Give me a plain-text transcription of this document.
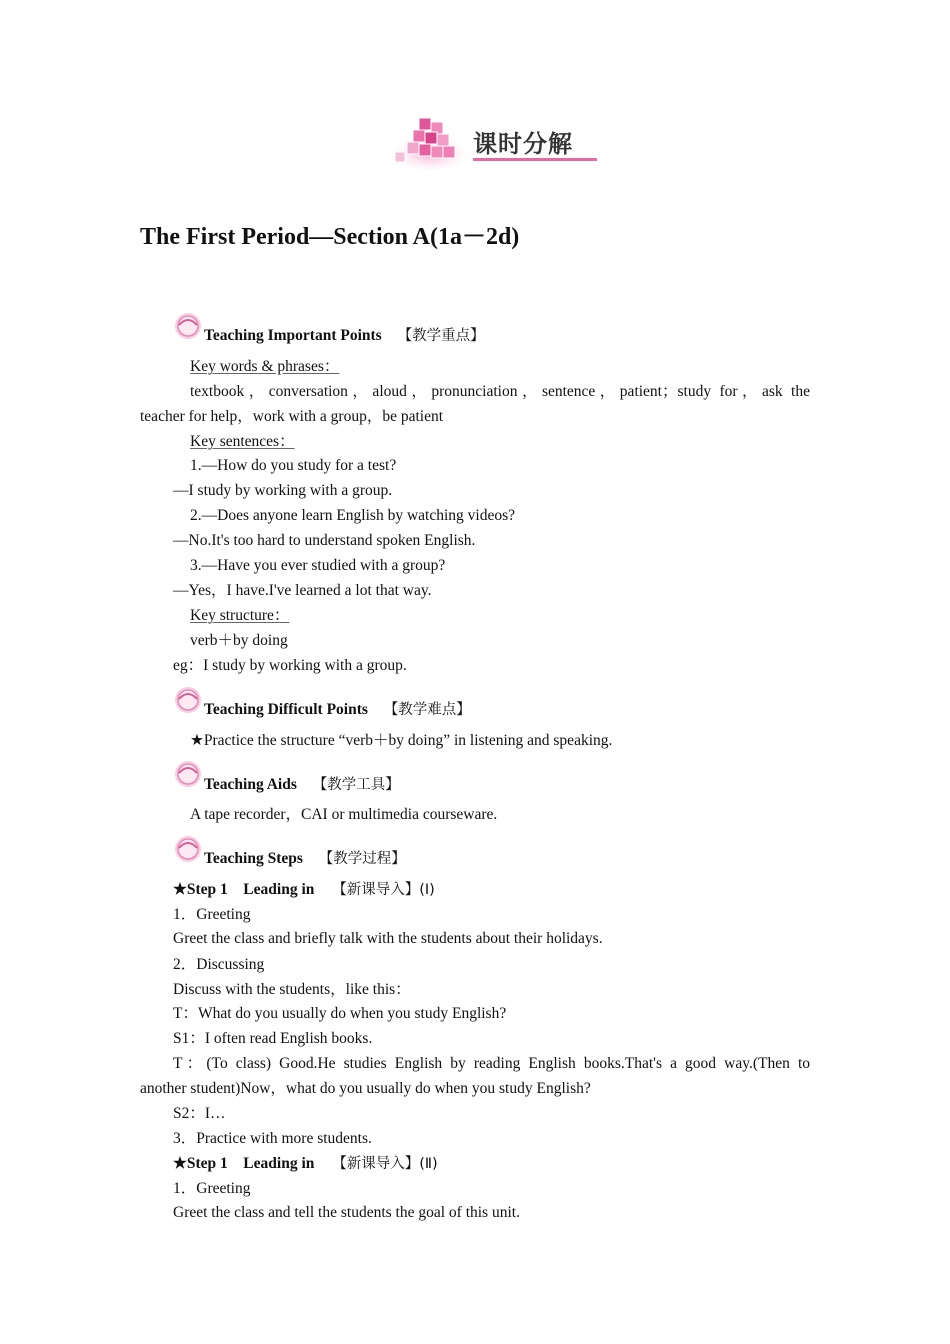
课时分解
The First Period—Section A(1a－2d)
Teaching Important Points 【教学重点】
Key words & phrases：
textbook，conversation，aloud，pronunciation，sentence，patient；study for，ask the
teacher for help，work with a group，be patient
Key sentences：
1.—How do you study for a test?
—I study by working with a group.
2.—Does anyone learn English by watching videos?
—No.It's too hard to understand spoken English.
3.—Have you ever studied with a group?
—Yes，I have.I've learned a lot that way.
Key structure：
verb＋by doing
eg：I study by working with a group.
Teaching Difficult Points 【教学难点】
★Practice the structure “verb＋by doing” in listening and speaking.
Teaching Aids 【教学工具】
A tape recorder，CAI or multimedia courseware.
Teaching Steps 【教学过程】
★Step 1　Leading in 【新课导入】(Ⅰ)
1．Greeting
Greet the class and briefly talk with the students about their holidays.
2．Discussing
Discuss with the students，like this：
T：What do you usually do when you study English?
S1：I often read English books.
T：(To class) Good.He studies English by reading English books.That's a good way.(Then to
another student)Now，what do you usually do when you study English?
S2：I…
3．Practice with more students.
★Step 1　Leading in 【新课导入】(Ⅱ)
1．Greeting
Greet the class and tell the students the goal of this unit.
